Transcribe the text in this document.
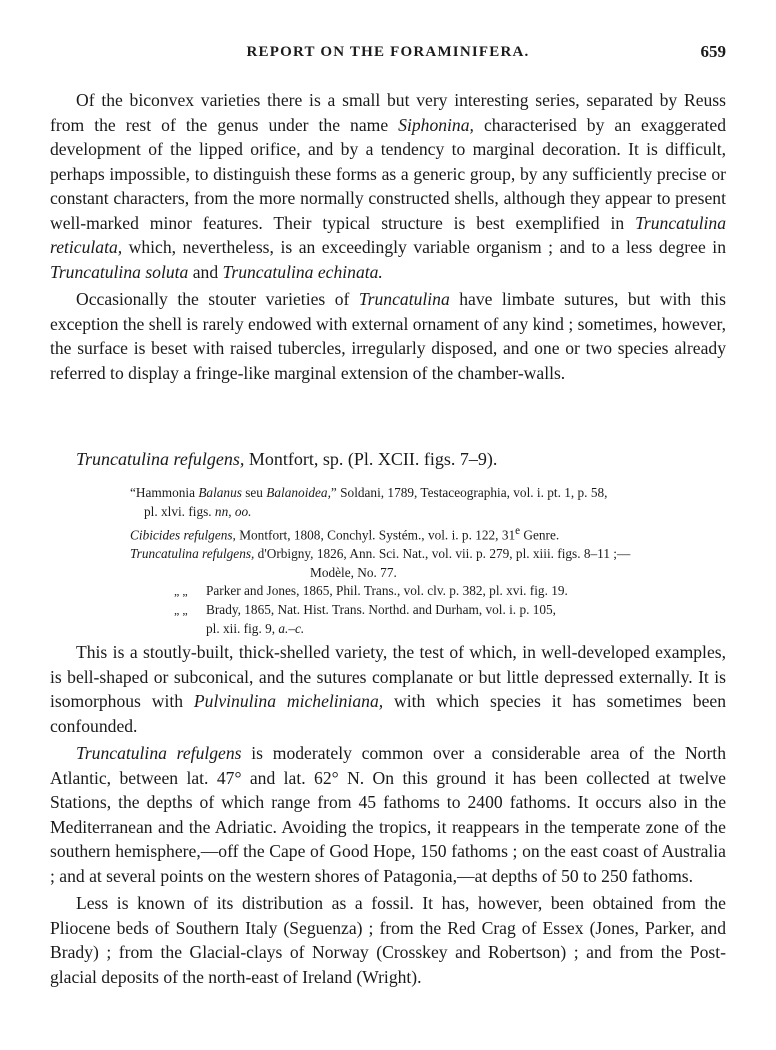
REPORT ON THE FORAMINIFERA.	659

Of the biconvex varieties there is a small but very interesting series, separated by Reuss from the rest of the genus under the name Siphonina, characterised by an exaggerated development of the lipped orifice, and by a tendency to marginal decoration. It is difficult, perhaps impossible, to distinguish these forms as a generic group, by any sufficiently precise or constant characters, from the more normally constructed shells, although they appear to present well-marked minor features. Their typical structure is best exemplified in Truncatulina reticulata, which, nevertheless, is an exceedingly variable organism ; and to a less degree in Truncatulina soluta and Truncatulina echinata.

Occasionally the stouter varieties of Truncatulina have limbate sutures, but with this exception the shell is rarely endowed with external ornament of any kind ; sometimes, however, the surface is beset with raised tubercles, irregularly disposed, and one or two species already referred to display a fringe-like marginal extension of the chamber-walls.

Truncatulina refulgens, Montfort, sp. (Pl. XCII. figs. 7–9).

“Hammonia Balanus seu Balanoidea,” Soldani, 1789, Testaceographia, vol. i. pt. 1, p. 58,
pl. xlvi. figs. nn, oo.

Cibicides refulgens, Montfort, 1808, Conchyl. Systém., vol. i. p. 122, 31e Genre.

Truncatulina refulgens, d'Orbigny, 1826, Ann. Sci. Nat., vol. vii. p. 279, pl. xiii. figs. 8–11 ;—
Modèle, No. 77.

„ „	Parker and Jones, 1865, Phil. Trans., vol. clv. p. 382, pl. xvi. fig. 19.
„ „	Brady, 1865, Nat. Hist. Trans. Northd. and Durham, vol. i. p. 105,
pl. xii. fig. 9, a.–c.

This is a stoutly-built, thick-shelled variety, the test of which, in well-developed examples, is bell-shaped or subconical, and the sutures complanate or but little depressed externally. It is isomorphous with Pulvinulina micheliniana, with which species it has sometimes been confounded.

Truncatulina refulgens is moderately common over a considerable area of the North Atlantic, between lat. 47° and lat. 62° N. On this ground it has been collected at twelve Stations, the depths of which range from 45 fathoms to 2400 fathoms. It occurs also in the Mediterranean and the Adriatic. Avoiding the tropics, it reappears in the temperate zone of the southern hemisphere,—off the Cape of Good Hope, 150 fathoms ; on the east coast of Australia ; and at several points on the western shores of Patagonia,—at depths of 50 to 250 fathoms.

Less is known of its distribution as a fossil. It has, however, been obtained from the Pliocene beds of Southern Italy (Seguenza) ; from the Red Crag of Essex (Jones, Parker, and Brady) ; from the Glacial-clays of Norway (Crosskey and Robertson) ; and from the Post-glacial deposits of the north-east of Ireland (Wright).
